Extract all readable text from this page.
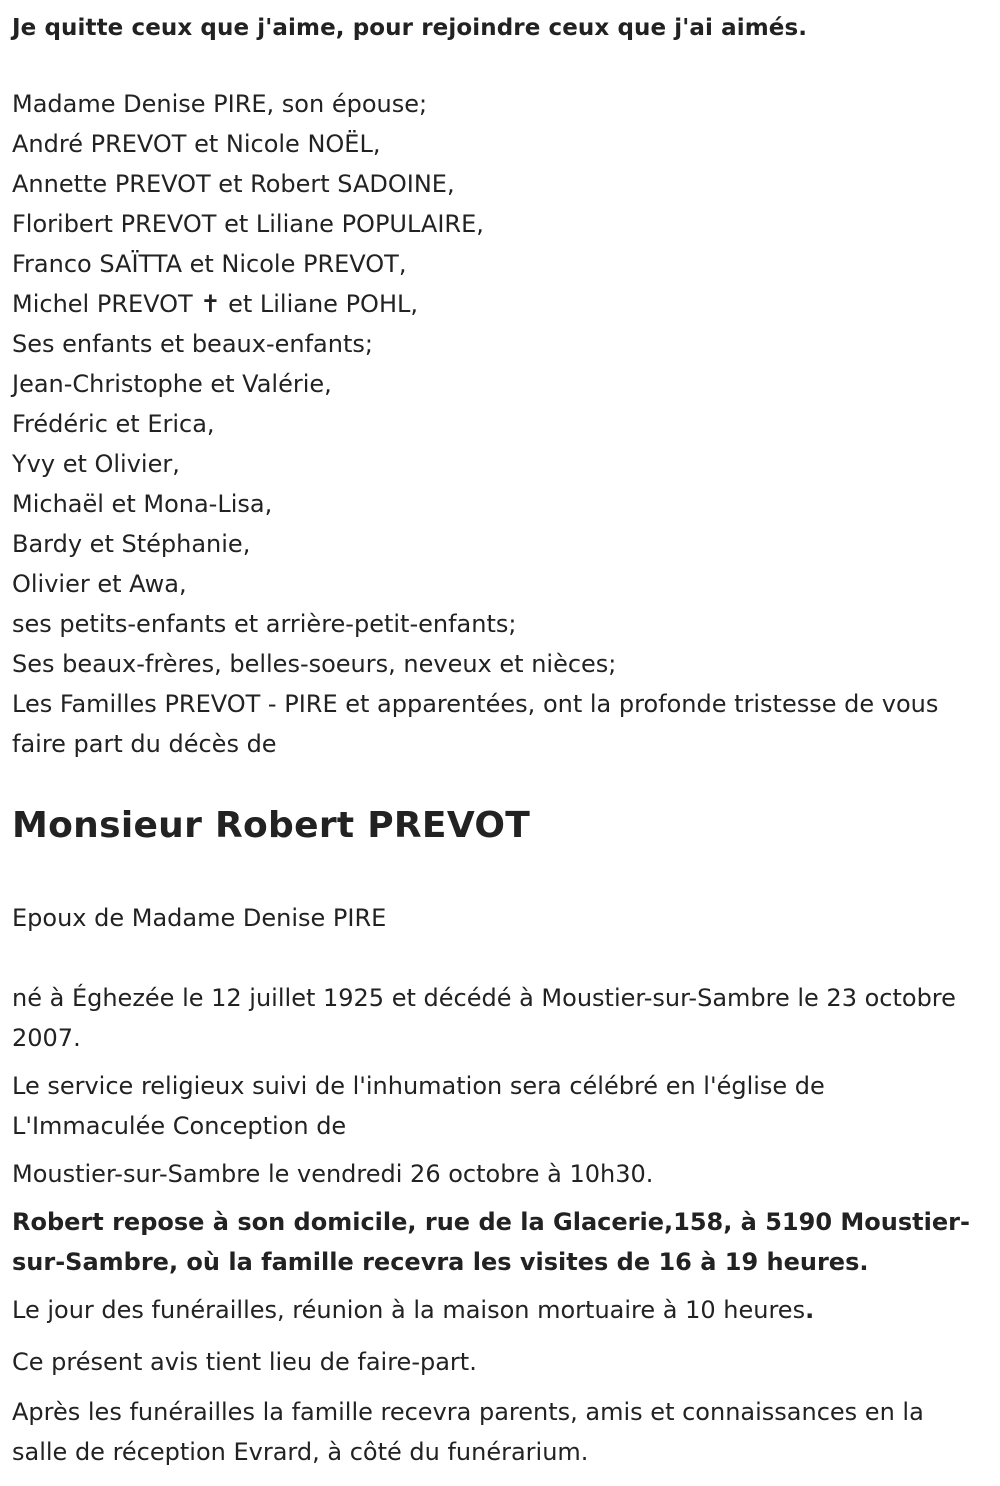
Je quitte ceux que j'aime, pour rejoindre ceux que j'ai aimés.

Madame Denise PIRE, son épouse;
André PREVOT et Nicole NOËL,
Annette PREVOT et Robert SADOINE,
Floribert PREVOT et Liliane POPULAIRE,
Franco SAÏTTA et Nicole PREVOT,
Michel PREVOT ✝ et Liliane POHL,
Ses enfants et beaux-enfants;
Jean-Christophe et Valérie,
Frédéric et Erica,
Yvy et Olivier,
Michaël et Mona-Lisa,
Bardy et Stéphanie,
Olivier et Awa,
ses petits-enfants et arrière-petit-enfants;
Ses beaux-frères, belles-soeurs, neveux et nièces;

Les Familles PREVOT - PIRE et apparentées, ont la profonde tristesse de vous faire part du décès de

Monsieur Robert PREVOT

Epoux de Madame Denise PIRE

né à Éghezée le 12 juillet 1925 et décédé à Moustier-sur-Sambre le 23 octobre 2007.

Le service religieux suivi de l'inhumation sera célébré en l'église de L'Immaculée Conception de

Moustier-sur-Sambre le vendredi 26 octobre à 10h30.

Robert repose à son domicile, rue de la Glacerie,158, à 5190 Moustier-sur-Sambre, où la famille recevra les visites de 16 à 19 heures.

Le jour des funérailles, réunion à la maison mortuaire à 10 heures.

Ce présent avis tient lieu de faire-part.

Après les funérailles la famille recevra parents, amis et connaissances en la salle de réception Evrard, à côté du funérarium.
